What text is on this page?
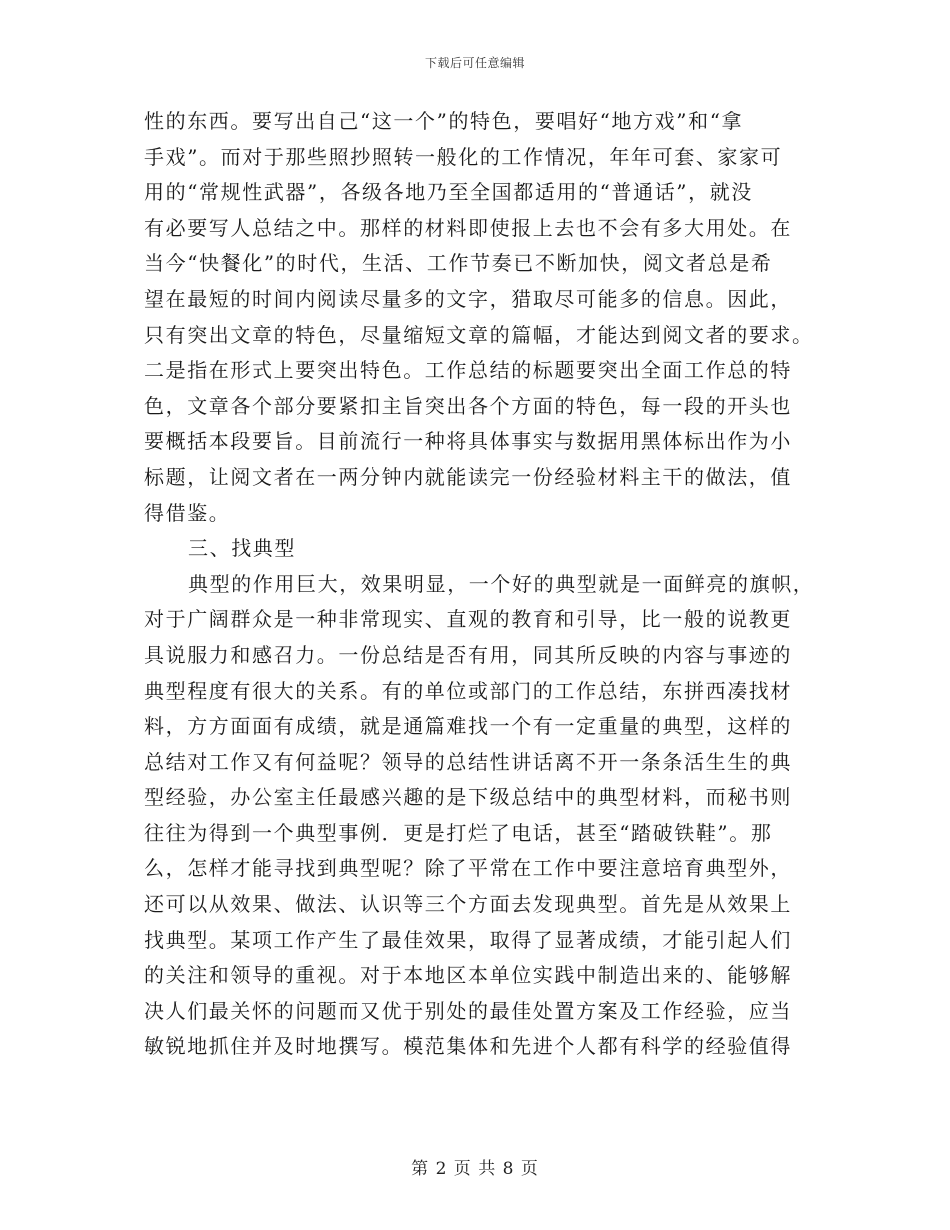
下载后可任意编辑
性的东西。要写出自己“这一个”的特色，要唱好“地方戏”和“拿
手戏”。而对于那些照抄照转一般化的工作情况，年年可套、家家可
用的“常规性武器”，各级各地乃至全国都适用的“普通话”，就没
有必要写人总结之中。那样的材料即使报上去也不会有多大用处。在
当今“快餐化”的时代，生活、工作节奏已不断加快，阅文者总是希
望在最短的时间内阅读尽量多的文字，猎取尽可能多的信息。因此，
只有突出文章的特色，尽量缩短文章的篇幅，才能达到阅文者的要求。
二是指在形式上要突出特色。工作总结的标题要突出全面工作总的特
色，文章各个部分要紧扣主旨突出各个方面的特色，每一段的开头也
要概括本段要旨。目前流行一种将具体事实与数据用黑体标出作为小
标题，让阅文者在一两分钟内就能读完一份经验材料主干的做法，值
得借鉴。
三、找典型
典型的作用巨大，效果明显，一个好的典型就是一面鲜亮的旗帜，
对于广阔群众是一种非常现实、直观的教育和引导，比一般的说教更
具说服力和感召力。一份总结是否有用，同其所反映的内容与事迹的
典型程度有很大的关系。有的单位或部门的工作总结，东拼西凑找材
料，方方面面有成绩，就是通篇难找一个有一定重量的典型，这样的
总结对工作又有何益呢？领导的总结性讲话离不开一条条活生生的典
型经验，办公室主任最感兴趣的是下级总结中的典型材料，而秘书则
往往为得到一个典型事例．更是打烂了电话，甚至“踏破铁鞋”。那
么，怎样才能寻找到典型呢？除了平常在工作中要注意培育典型外，
还可以从效果、做法、认识等三个方面去发现典型。首先是从效果上
找典型。某项工作产生了最佳效果，取得了显著成绩，才能引起人们
的关注和领导的重视。对于本地区本单位实践中制造出来的、能够解
决人们最关怀的问题而又优于别处的最佳处置方案及工作经验，应当
敏锐地抓住并及时地撰写。模范集体和先进个人都有科学的经验值得
第 2 页 共 8 页
